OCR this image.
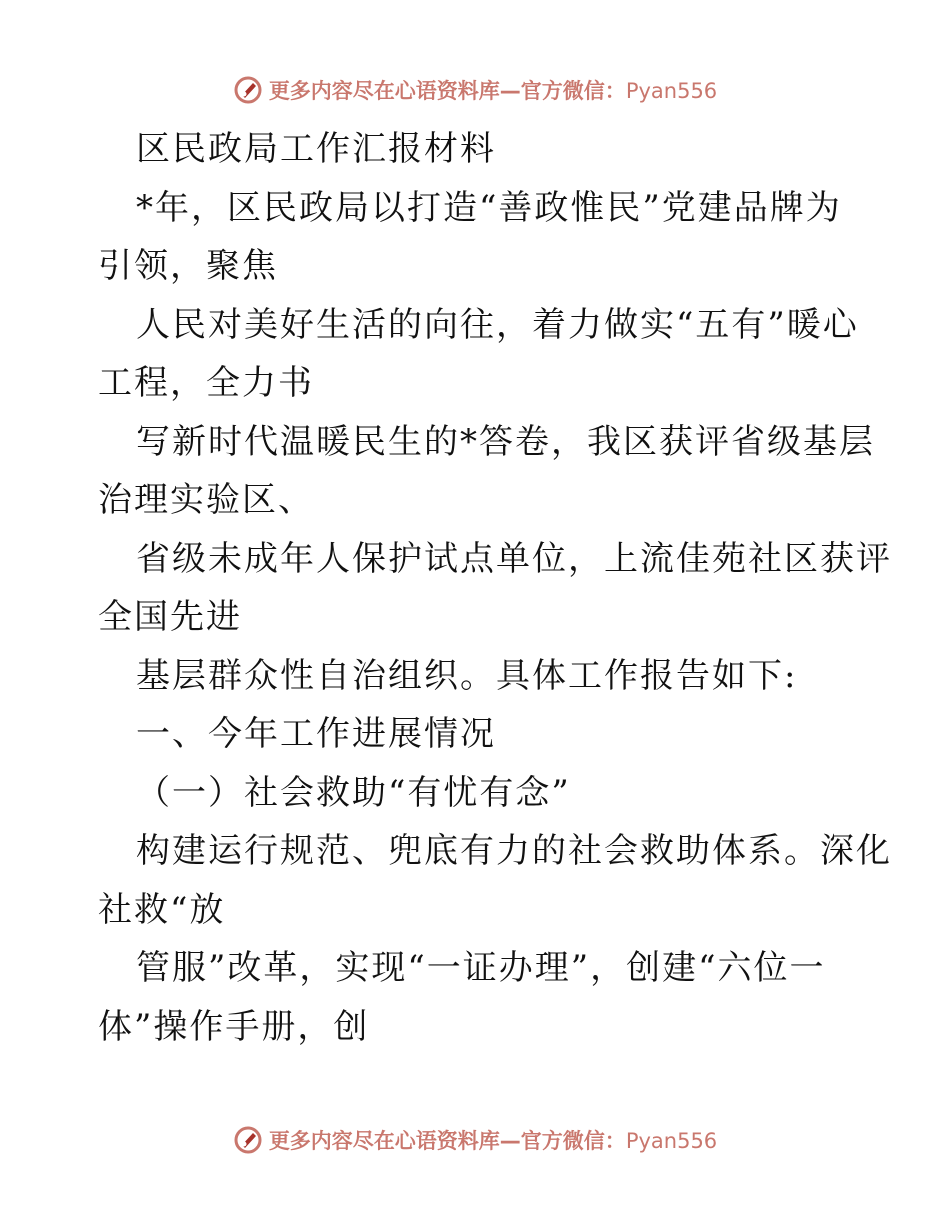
更多内容尽在心语资料库—官方微信：Pyan556
区民政局工作汇报材料
*年，区民政局以打造“善政惟民”党建品牌为
引领，聚焦
人民对美好生活的向往，着力做实“五有”暖心
工程，全力书
写新时代温暖民生的*答卷，我区获评省级基层
治理实验区、
省级未成年人保护试点单位，上流佳苑社区获评
全国先进
基层群众性自治组织。具体工作报告如下:
一、今年工作进展情况
（一）社会救助“有忧有念”
构建运行规范、兜底有力的社会救助体系。深化
社救“放
管服”改革，实现“一证办理”，创建“六位一
体”操作手册，创
更多内容尽在心语资料库—官方微信：Pyan556
